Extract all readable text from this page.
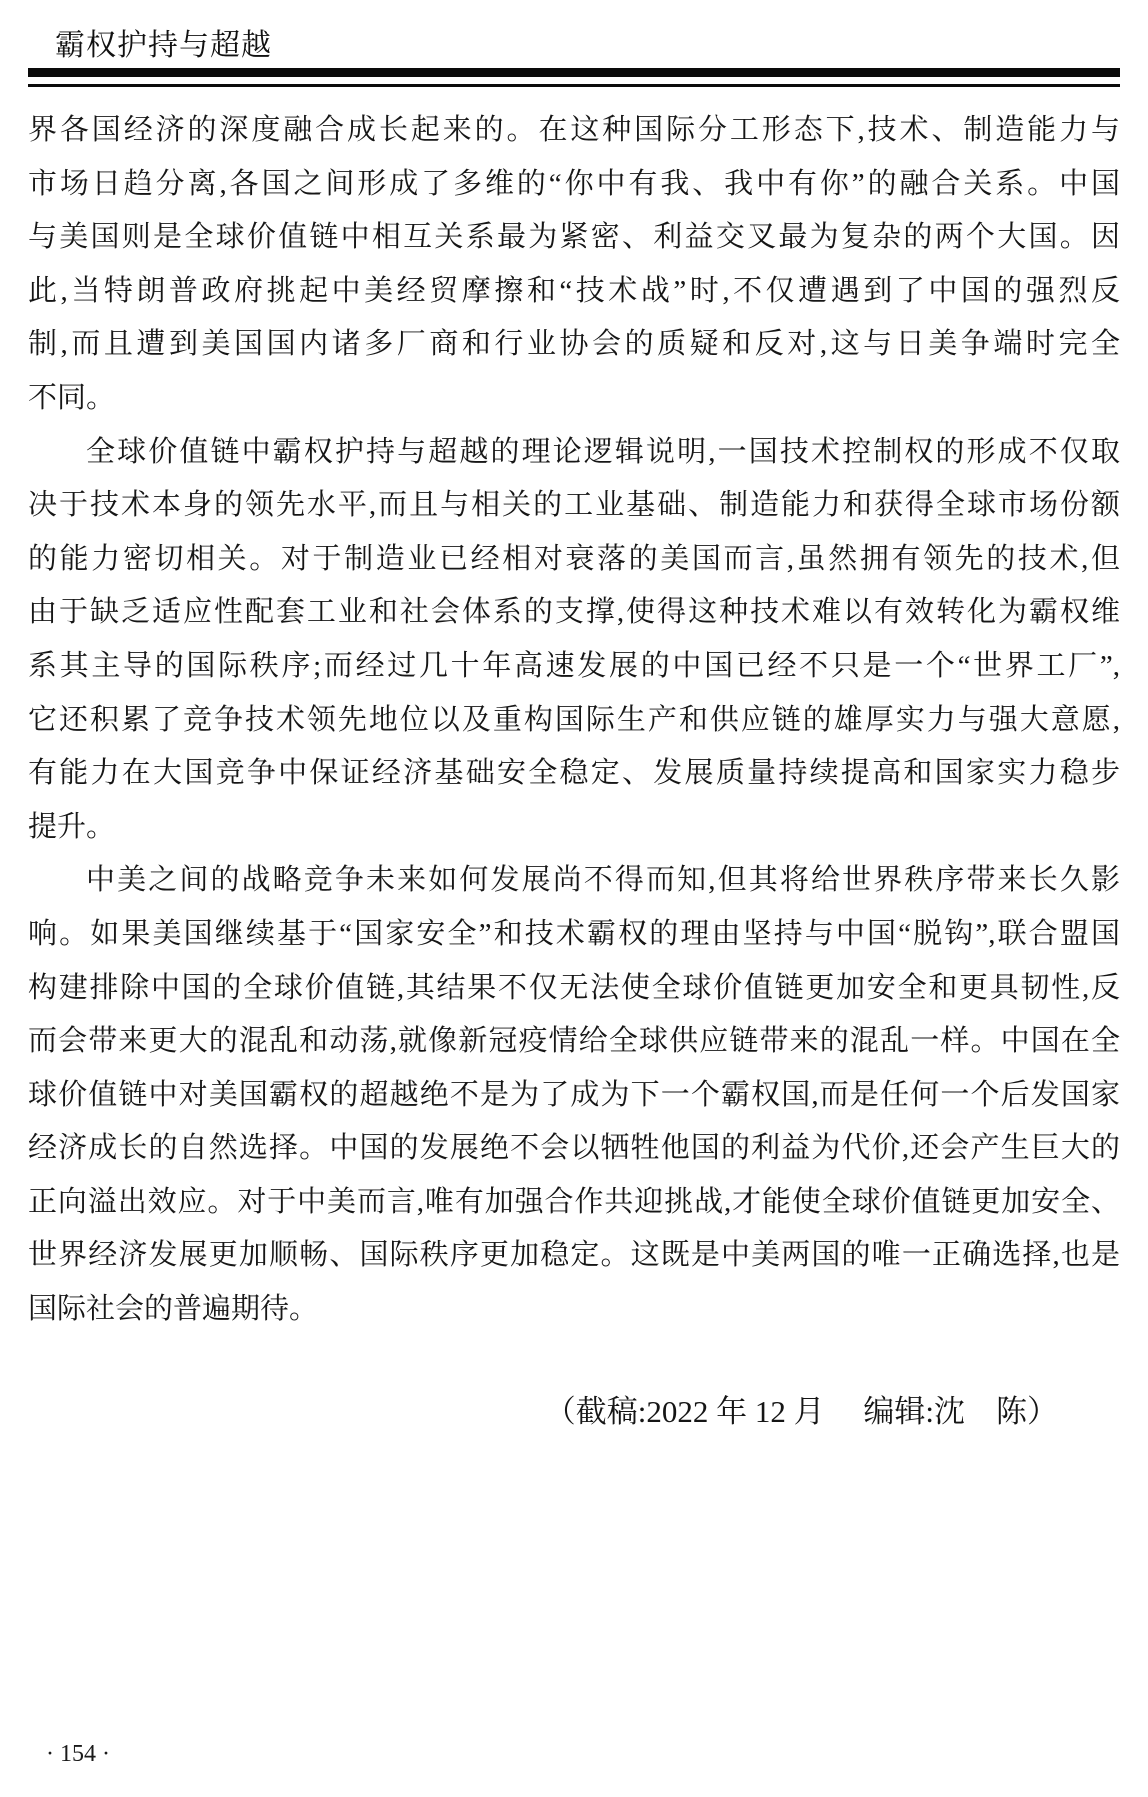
霸权护持与超越
界各国经济的深度融合成长起来的。在这种国际分工形态下,技术、制造能力与
市场日趋分离,各国之间形成了多维的“你中有我、我中有你”的融合关系。中国
与美国则是全球价值链中相互关系最为紧密、利益交叉最为复杂的两个大国。因
此,当特朗普政府挑起中美经贸摩擦和“技术战”时,不仅遭遇到了中国的强烈反
制,而且遭到美国国内诸多厂商和行业协会的质疑和反对,这与日美争端时完全
不同。
全球价值链中霸权护持与超越的理论逻辑说明,一国技术控制权的形成不仅取
决于技术本身的领先水平,而且与相关的工业基础、制造能力和获得全球市场份额
的能力密切相关。对于制造业已经相对衰落的美国而言,虽然拥有领先的技术,但
由于缺乏适应性配套工业和社会体系的支撑,使得这种技术难以有效转化为霸权维
系其主导的国际秩序;而经过几十年高速发展的中国已经不只是一个“世界工厂”,
它还积累了竞争技术领先地位以及重构国际生产和供应链的雄厚实力与强大意愿,
有能力在大国竞争中保证经济基础安全稳定、发展质量持续提高和国家实力稳步
提升。
中美之间的战略竞争未来如何发展尚不得而知,但其将给世界秩序带来长久影
响。如果美国继续基于“国家安全”和技术霸权的理由坚持与中国“脱钩”,联合盟国
构建排除中国的全球价值链,其结果不仅无法使全球价值链更加安全和更具韧性,反
而会带来更大的混乱和动荡,就像新冠疫情给全球供应链带来的混乱一样。中国在全
球价值链中对美国霸权的超越绝不是为了成为下一个霸权国,而是任何一个后发国家
经济成长的自然选择。中国的发展绝不会以牺牲他国的利益为代价,还会产生巨大的
正向溢出效应。对于中美而言,唯有加强合作共迎挑战,才能使全球价值链更加安全、
世界经济发展更加顺畅、国际秩序更加稳定。这既是中美两国的唯一正确选择,也是
国际社会的普遍期待。
（截稿:2022 年 12 月　 编辑:沈　陈）
· 154 ·
